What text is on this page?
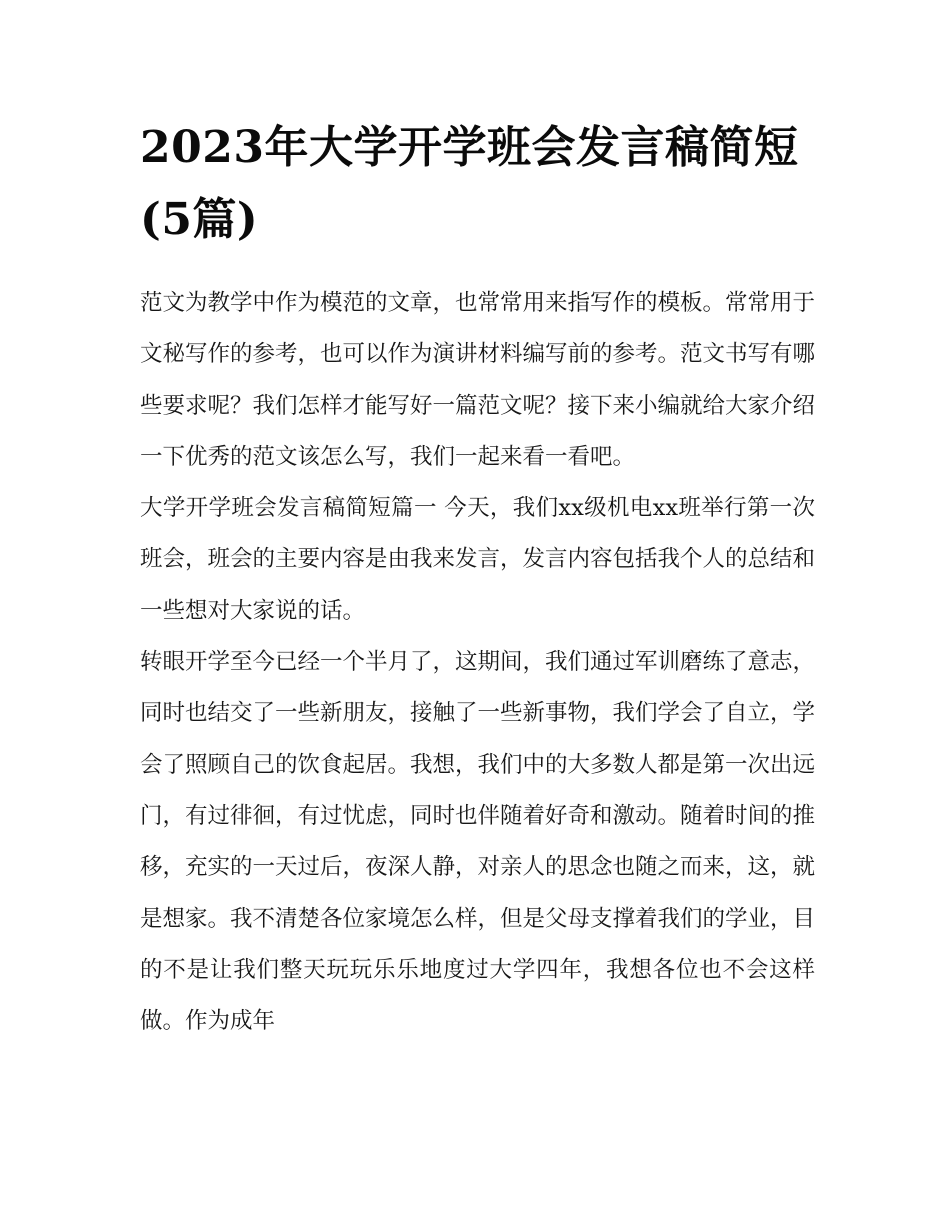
2023年大学开学班会发言稿简短(5篇)

范文为教学中作为模范的文章，也常常用来指写作的模板。常常用于文秘写作的参考，也可以作为演讲材料编写前的参考。范文书写有哪些要求呢？我们怎样才能写好一篇范文呢？接下来小编就给大家介绍一下优秀的范文该怎么写，我们一起来看一看吧。

大学开学班会发言稿简短篇一 今天，我们xx级机电xx班举行第一次班会，班会的主要内容是由我来发言，发言内容包括我个人的总结和一些想对大家说的话。

转眼开学至今已经一个半月了，这期间，我们通过军训磨练了意志，同时也结交了一些新朋友，接触了一些新事物，我们学会了自立，学会了照顾自己的饮食起居。我想，我们中的大多数人都是第一次出远门，有过徘徊，有过忧虑，同时也伴随着好奇和激动。随着时间的推移，充实的一天过后，夜深人静，对亲人的思念也随之而来，这，就是想家。我不清楚各位家境怎么样，但是父母支撑着我们的学业，目的不是让我们整天玩玩乐乐地度过大学四年，我想各位也不会这样做。作为成年
